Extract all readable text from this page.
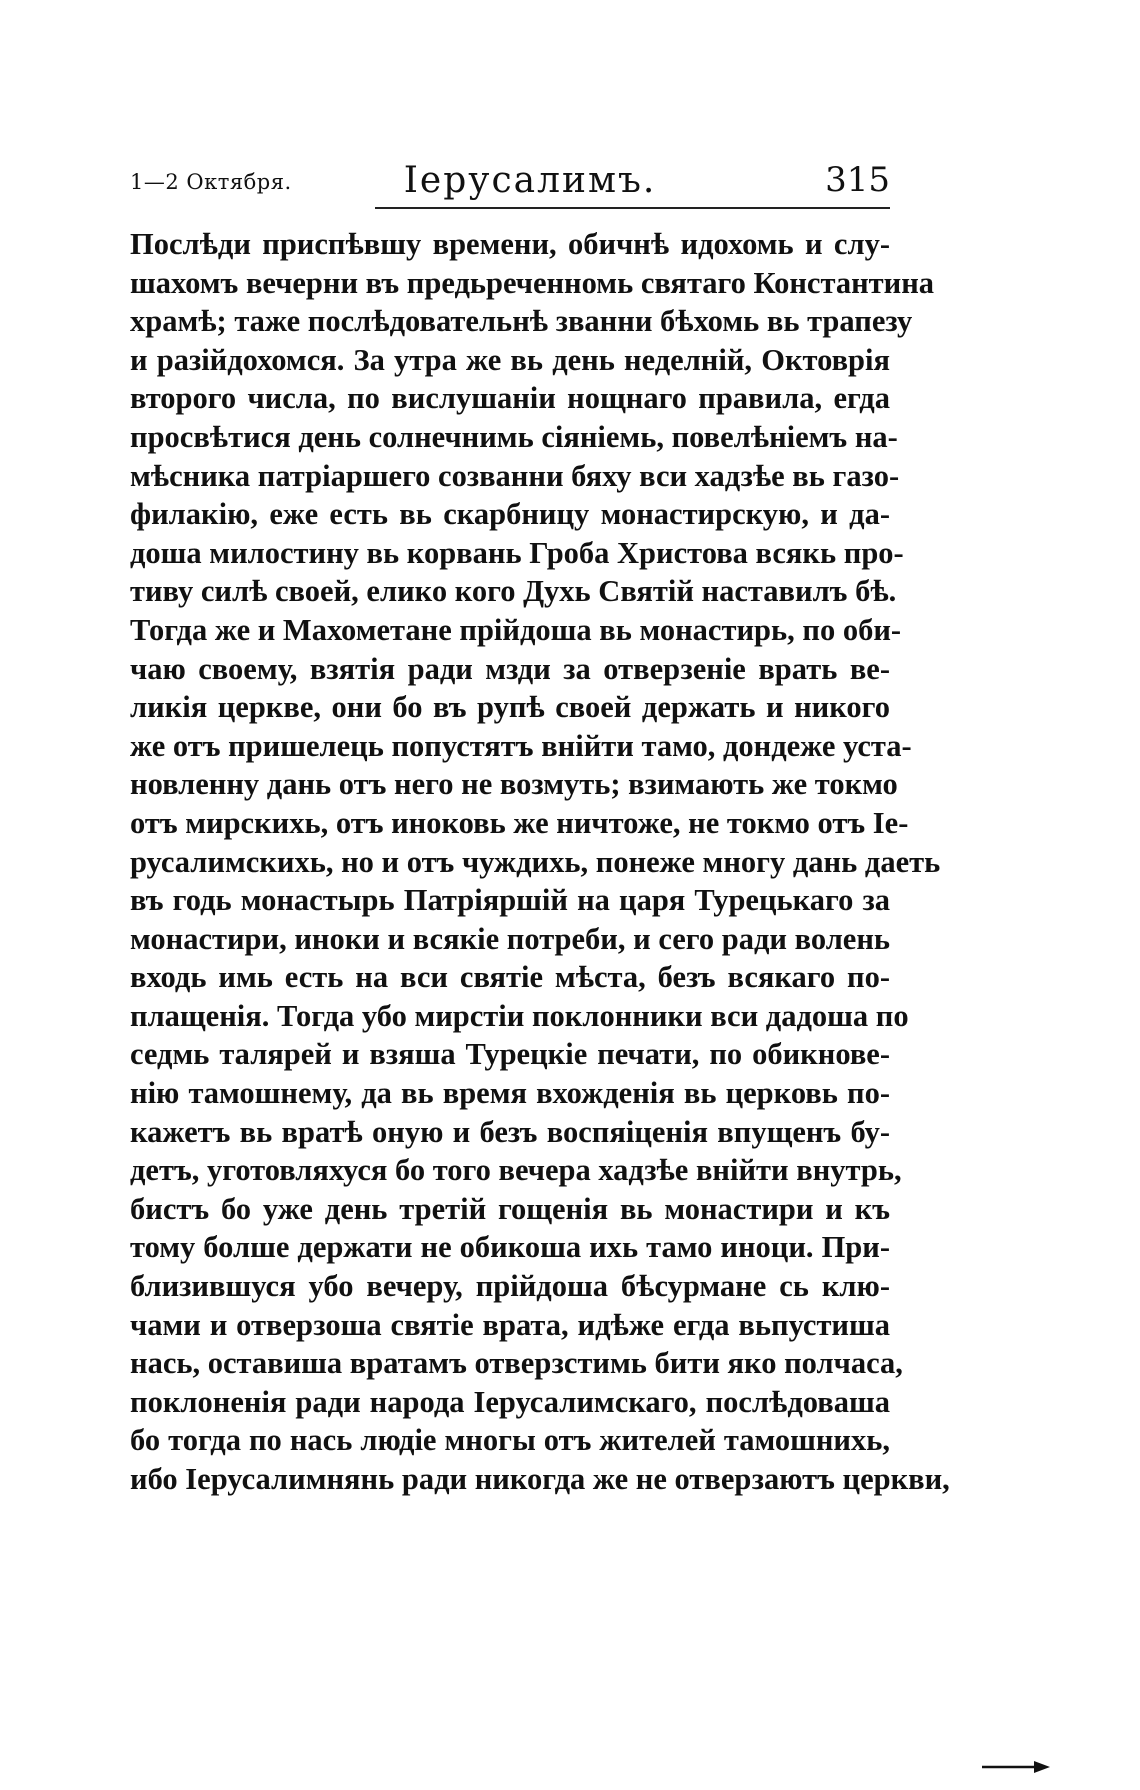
1—2 Октября.	Іерусалимъ.	315
Послѣди приспѣвшу времени, обичнѣ идохомь и слу-
шахомъ вечерни въ предьреченномь святаго Константина
храмѣ; таже послѣдовательнѣ званни бѣхомь вь трапезу
и разійдохомся. За утра же вь день неделній, Октоврія
второго числа, по вислушаніи нощнаго правила, егда
просвѣтися день солнечнимь сіяніемь, повелѣніемъ на-
мѣсника патріаршего созванни бяху вси хадзѣе вь газо-
филакію, еже есть вь скарбницу монастирскую, и да-
доша милостину вь корвань Гроба Христова всякь про-
тиву силѣ своей, елико кого Духь Святій наставилъ бѣ.
Тогда же и Махометане прійдоша вь монастирь, по оби-
чаю своему, взятія ради мзди за отверзеніе врать ве-
ликія церкве, они бо въ рупѣ своей держать и никого
же отъ пришелець попустятъ внійти тамо, дондеже уста-
новленну дань отъ него не возмуть; взимають же токмо
отъ мирскихь, отъ иноковь же ничтоже, не токмо отъ Іе-
русалимскихь, но и отъ чуждихь, понеже многу дань даеть
въ годь монастырь Патріяршій на царя Турецькаго за
монастири, иноки и всякіе потреби, и сего ради волень
входь имь есть на вси святіе мѣста, безъ всякаго по-
плащенія. Тогда убо мирстіи поклонники вси дадоша по
седмь талярей и взяша Турецкіе печати, по обикнове-
нію тамошнему, да вь время вхожденія вь церковь по-
кажетъ вь вратѣ оную и безъ воспяіценія впущенъ бу-
детъ, уготовляхуся бо того вечера хадзѣе внійти внутрь,
бистъ бо уже день третій гощенія вь монастири и къ
тому болше держати не обикоша ихь тамо иноци. При-
близившуся убо вечеру, прійдоша бѣсурмане сь клю-
чами и отверзоша святіе врата, идѣже егда вьпустиша
нась, оставиша вратамъ отверзстимь бити яко полчаса,
поклоненія ради народа Іерусалимскаго, послѣдоваша
бо тогда по нась людіе многы отъ жителей тамошнихь,
ибо Іерусалимнянь ради никогда же не отверзаютъ церкви,
